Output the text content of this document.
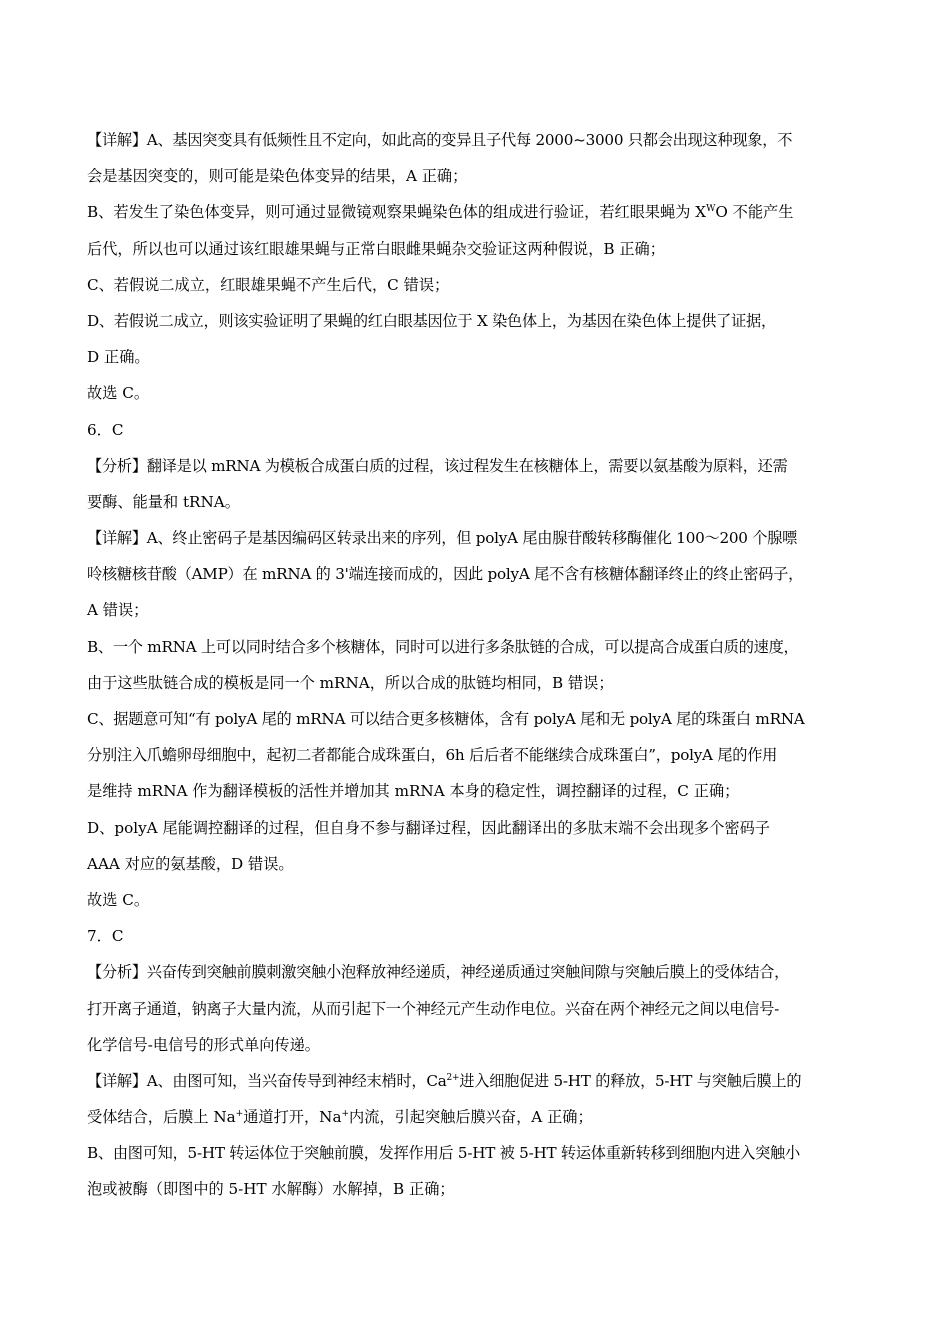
【详解】A、基因突变具有低频性且不定向，如此高的变异且子代每 2000~3000 只都会出现这种现象，不
会是基因突变的，则可能是染色体变异的结果，A 正确；
B、若发生了染色体变异，则可通过显微镜观察果蝇染色体的组成进行验证，若红眼果蝇为 $X^WO$ 不能产生
后代，所以也可以通过该红眼雄果蝇与正常白眼雌果蝇杂交验证这两种假说，B 正确；
C、若假说二成立，红眼雄果蝇不产生后代，C 错误；
D、若假说二成立，则该实验证明了果蝇的红白眼基因位于 X 染色体上，为基因在染色体上提供了证据，
D 正确。
故选 C。
6．C
【分析】翻译是以 mRNA 为模板合成蛋白质的过程，该过程发生在核糖体上，需要以氨基酸为原料，还需
要酶、能量和 tRNA。
【详解】A、终止密码子是基因编码区转录出来的序列，但 polyA 尾由腺苷酸转移酶催化 100～200 个腺嘌
呤核糖核苷酸（AMP）在 mRNA 的 3'端连接而成的，因此 polyA 尾不含有核糖体翻译终止的终止密码子，
A 错误；
B、一个 mRNA 上可以同时结合多个核糖体，同时可以进行多条肽链的合成，可以提高合成蛋白质的速度，
由于这些肽链合成的模板是同一个 mRNA，所以合成的肽链均相同，B 错误；
C、据题意可知“有 polyA 尾的 mRNA 可以结合更多核糖体，含有 polyA 尾和无 polyA 尾的珠蛋白 mRNA
分别注入爪蟾卵母细胞中，起初二者都能合成珠蛋白，6h 后后者不能继续合成珠蛋白”，polyA 尾的作用
是维持 mRNA 作为翻译模板的活性并增加其 mRNA 本身的稳定性，调控翻译的过程，C 正确；
D、polyA 尾能调控翻译的过程，但自身不参与翻译过程，因此翻译出的多肽末端不会出现多个密码子
AAA 对应的氨基酸，D 错误。
故选 C。
7．C
【分析】兴奋传到突触前膜刺激突触小泡释放神经递质，神经递质通过突触间隙与突触后膜上的受体结合，
打开离子通道，钠离子大量内流，从而引起下一个神经元产生动作电位。兴奋在两个神经元之间以电信号-
化学信号-电信号的形式单向传递。
【详解】A、由图可知，当兴奋传导到神经末梢时，$Ca^{2+}$进入细胞促进 5-HT 的释放，5-HT 与突触后膜上的
受体结合，后膜上 Na+通道打开，Na+内流，引起突触后膜兴奋，A 正确；
B、由图可知，5-HT 转运体位于突触前膜，发挥作用后 5-HT 被 5-HT 转运体重新转移到细胞内进入突触小
泡或被酶（即图中的 5-HT 水解酶）水解掉，B 正确；
